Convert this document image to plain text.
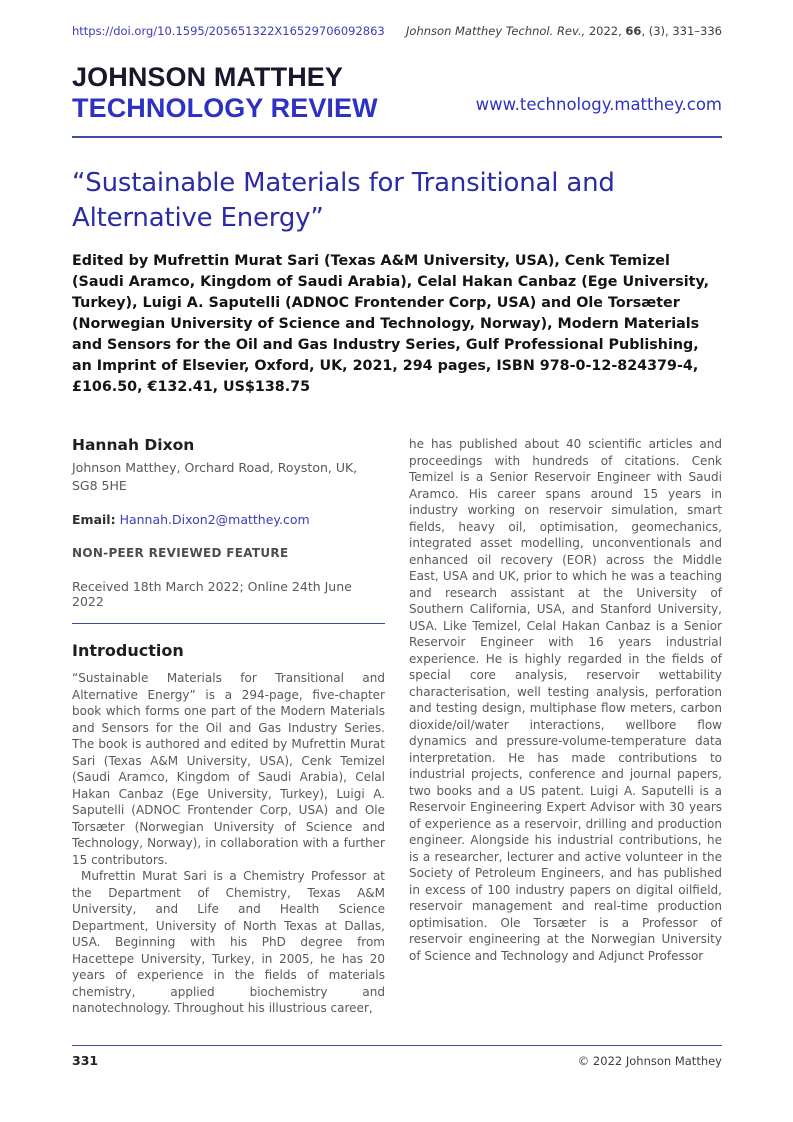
https://doi.org/10.1595/205651322X16529706092863 Johnson Matthey Technol. Rev., 2022, 66, (3), 331–336
JOHNSON MATTHEY
TECHNOLOGY REVIEW	www.technology.matthey.com
“Sustainable Materials for Transitional and Alternative Energy”

Edited by Mufrettin Murat Sari (Texas A&M University, USA), Cenk Temizel (Saudi Aramco, Kingdom of Saudi Arabia), Celal Hakan Canbaz (Ege University, Turkey), Luigi A. Saputelli (ADNOC Frontender Corp, USA) and Ole Torsæter (Norwegian University of Science and Technology, Norway), Modern Materials and Sensors for the Oil and Gas Industry Series, Gulf Professional Publishing, an Imprint of Elsevier, Oxford, UK, 2021, 294 pages, ISBN 978-0-12-824379-4, £106.50, €132.41, US$138.75

Hannah Dixon

Johnson Matthey, Orchard Road, Royston, UK, SG8 5HE

Email: Hannah.Dixon2@matthey.com

NON-PEER REVIEWED FEATURE

Received 18th March 2022; Online 24th June 2022

Introduction

“Sustainable Materials for Transitional and Alternative Energy” is a 294-page, five-chapter book which forms one part of the Modern Materials and Sensors for the Oil and Gas Industry Series. The book is authored and edited by Mufrettin Murat Sari (Texas A&M University, USA), Cenk Temizel (Saudi Aramco, Kingdom of Saudi Arabia), Celal Hakan Canbaz (Ege University, Turkey), Luigi A. Saputelli (ADNOC Frontender Corp, USA) and Ole Torsæter (Norwegian University of Science and Technology, Norway), in collaboration with a further 15 contributors.

Mufrettin Murat Sari is a Chemistry Professor at the Department of Chemistry, Texas A&M University, and Life and Health Science Department, University of North Texas at Dallas, USA. Beginning with his PhD degree from Hacettepe University, Turkey, in 2005, he has 20 years of experience in the fields of materials chemistry, applied biochemistry and nanotechnology. Throughout his illustrious career,

he has published about 40 scientific articles and proceedings with hundreds of citations. Cenk Temizel is a Senior Reservoir Engineer with Saudi Aramco. His career spans around 15 years in industry working on reservoir simulation, smart fields, heavy oil, optimisation, geomechanics, integrated asset modelling, unconventionals and enhanced oil recovery (EOR) across the Middle East, USA and UK, prior to which he was a teaching and research assistant at the University of Southern California, USA, and Stanford University, USA. Like Temizel, Celal Hakan Canbaz is a Senior Reservoir Engineer with 16 years industrial experience. He is highly regarded in the fields of special core analysis, reservoir wettability characterisation, well testing analysis, perforation and testing design, multiphase flow meters, carbon dioxide/oil/water interactions, wellbore flow dynamics and pressure-volume-temperature data interpretation. He has made contributions to industrial projects, conference and journal papers, two books and a US patent. Luigi A. Saputelli is a Reservoir Engineering Expert Advisor with 30 years of experience as a reservoir, drilling and production engineer. Alongside his industrial contributions, he is a researcher, lecturer and active volunteer in the Society of Petroleum Engineers, and has published in excess of 100 industry papers on digital oilfield, reservoir management and real-time production optimisation. Ole Torsæter is a Professor of reservoir engineering at the Norwegian University of Science and Technology and Adjunct Professor

331	© 2022 Johnson Matthey
